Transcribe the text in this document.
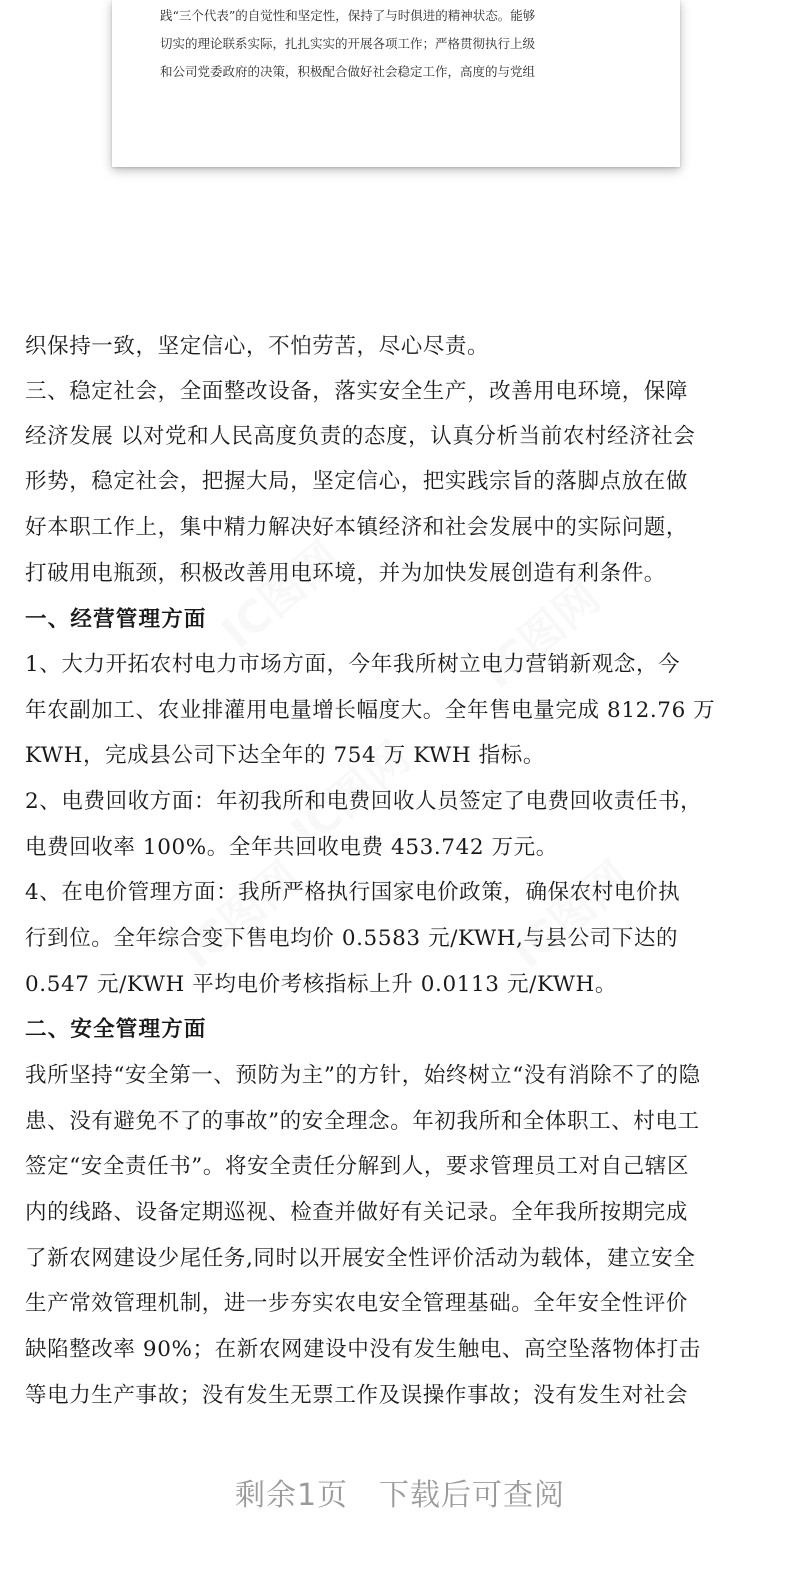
践“三个代表”的自觉性和坚定性，保持了与时俱进的精神状态。能够
切实的理论联系实际，扎扎实实的开展各项工作；严格贯彻执行上级
和公司党委政府的决策，积极配合做好社会稳定工作，高度的与党组
IC图网	IC图网
IC图网
IC图网	IC图网
织保持一致，坚定信心，不怕劳苦，尽心尽责。
三、稳定社会，全面整改设备，落实安全生产，改善用电环境，保障
经济发展 以对党和人民高度负责的态度，认真分析当前农村经济社会
形势，稳定社会，把握大局，坚定信心，把实践宗旨的落脚点放在做
好本职工作上，集中精力解决好本镇经济和社会发展中的实际问题，
打破用电瓶颈，积极改善用电环境，并为加快发展创造有利条件。
一、经营管理方面
1、大力开拓农村电力市场方面，今年我所树立电力营销新观念，今
年农副加工、农业排灌用电量增长幅度大。全年售电量完成 812.76 万
KWH，完成县公司下达全年的 754 万 KWH 指标。
2、电费回收方面：年初我所和电费回收人员签定了电费回收责任书，
电费回收率 100%。全年共回收电费 453.742 万元。
4、在电价管理方面：我所严格执行国家电价政策，确保农村电价执
行到位。全年综合变下售电均价 0.5583 元/KWH,与县公司下达的
0.547 元/KWH 平均电价考核指标上升 0.0113 元/KWH。
二、安全管理方面
我所坚持“安全第一、预防为主”的方针，始终树立“没有消除不了的隐
患、没有避免不了的事故”的安全理念。年初我所和全体职工、村电工
签定“安全责任书”。将安全责任分解到人，要求管理员工对自己辖区
内的线路、设备定期巡视、检查并做好有关记录。全年我所按期完成
了新农网建设少尾任务,同时以开展安全性评价活动为载体，建立安全
生产常效管理机制，进一步夯实农电安全管理基础。全年安全性评价
缺陷整改率 90%；在新农网建设中没有发生触电、高空坠落物体打击
等电力生产事故；没有发生无票工作及误操作事故；没有发生对社会
剩余1页　下载后可查阅
